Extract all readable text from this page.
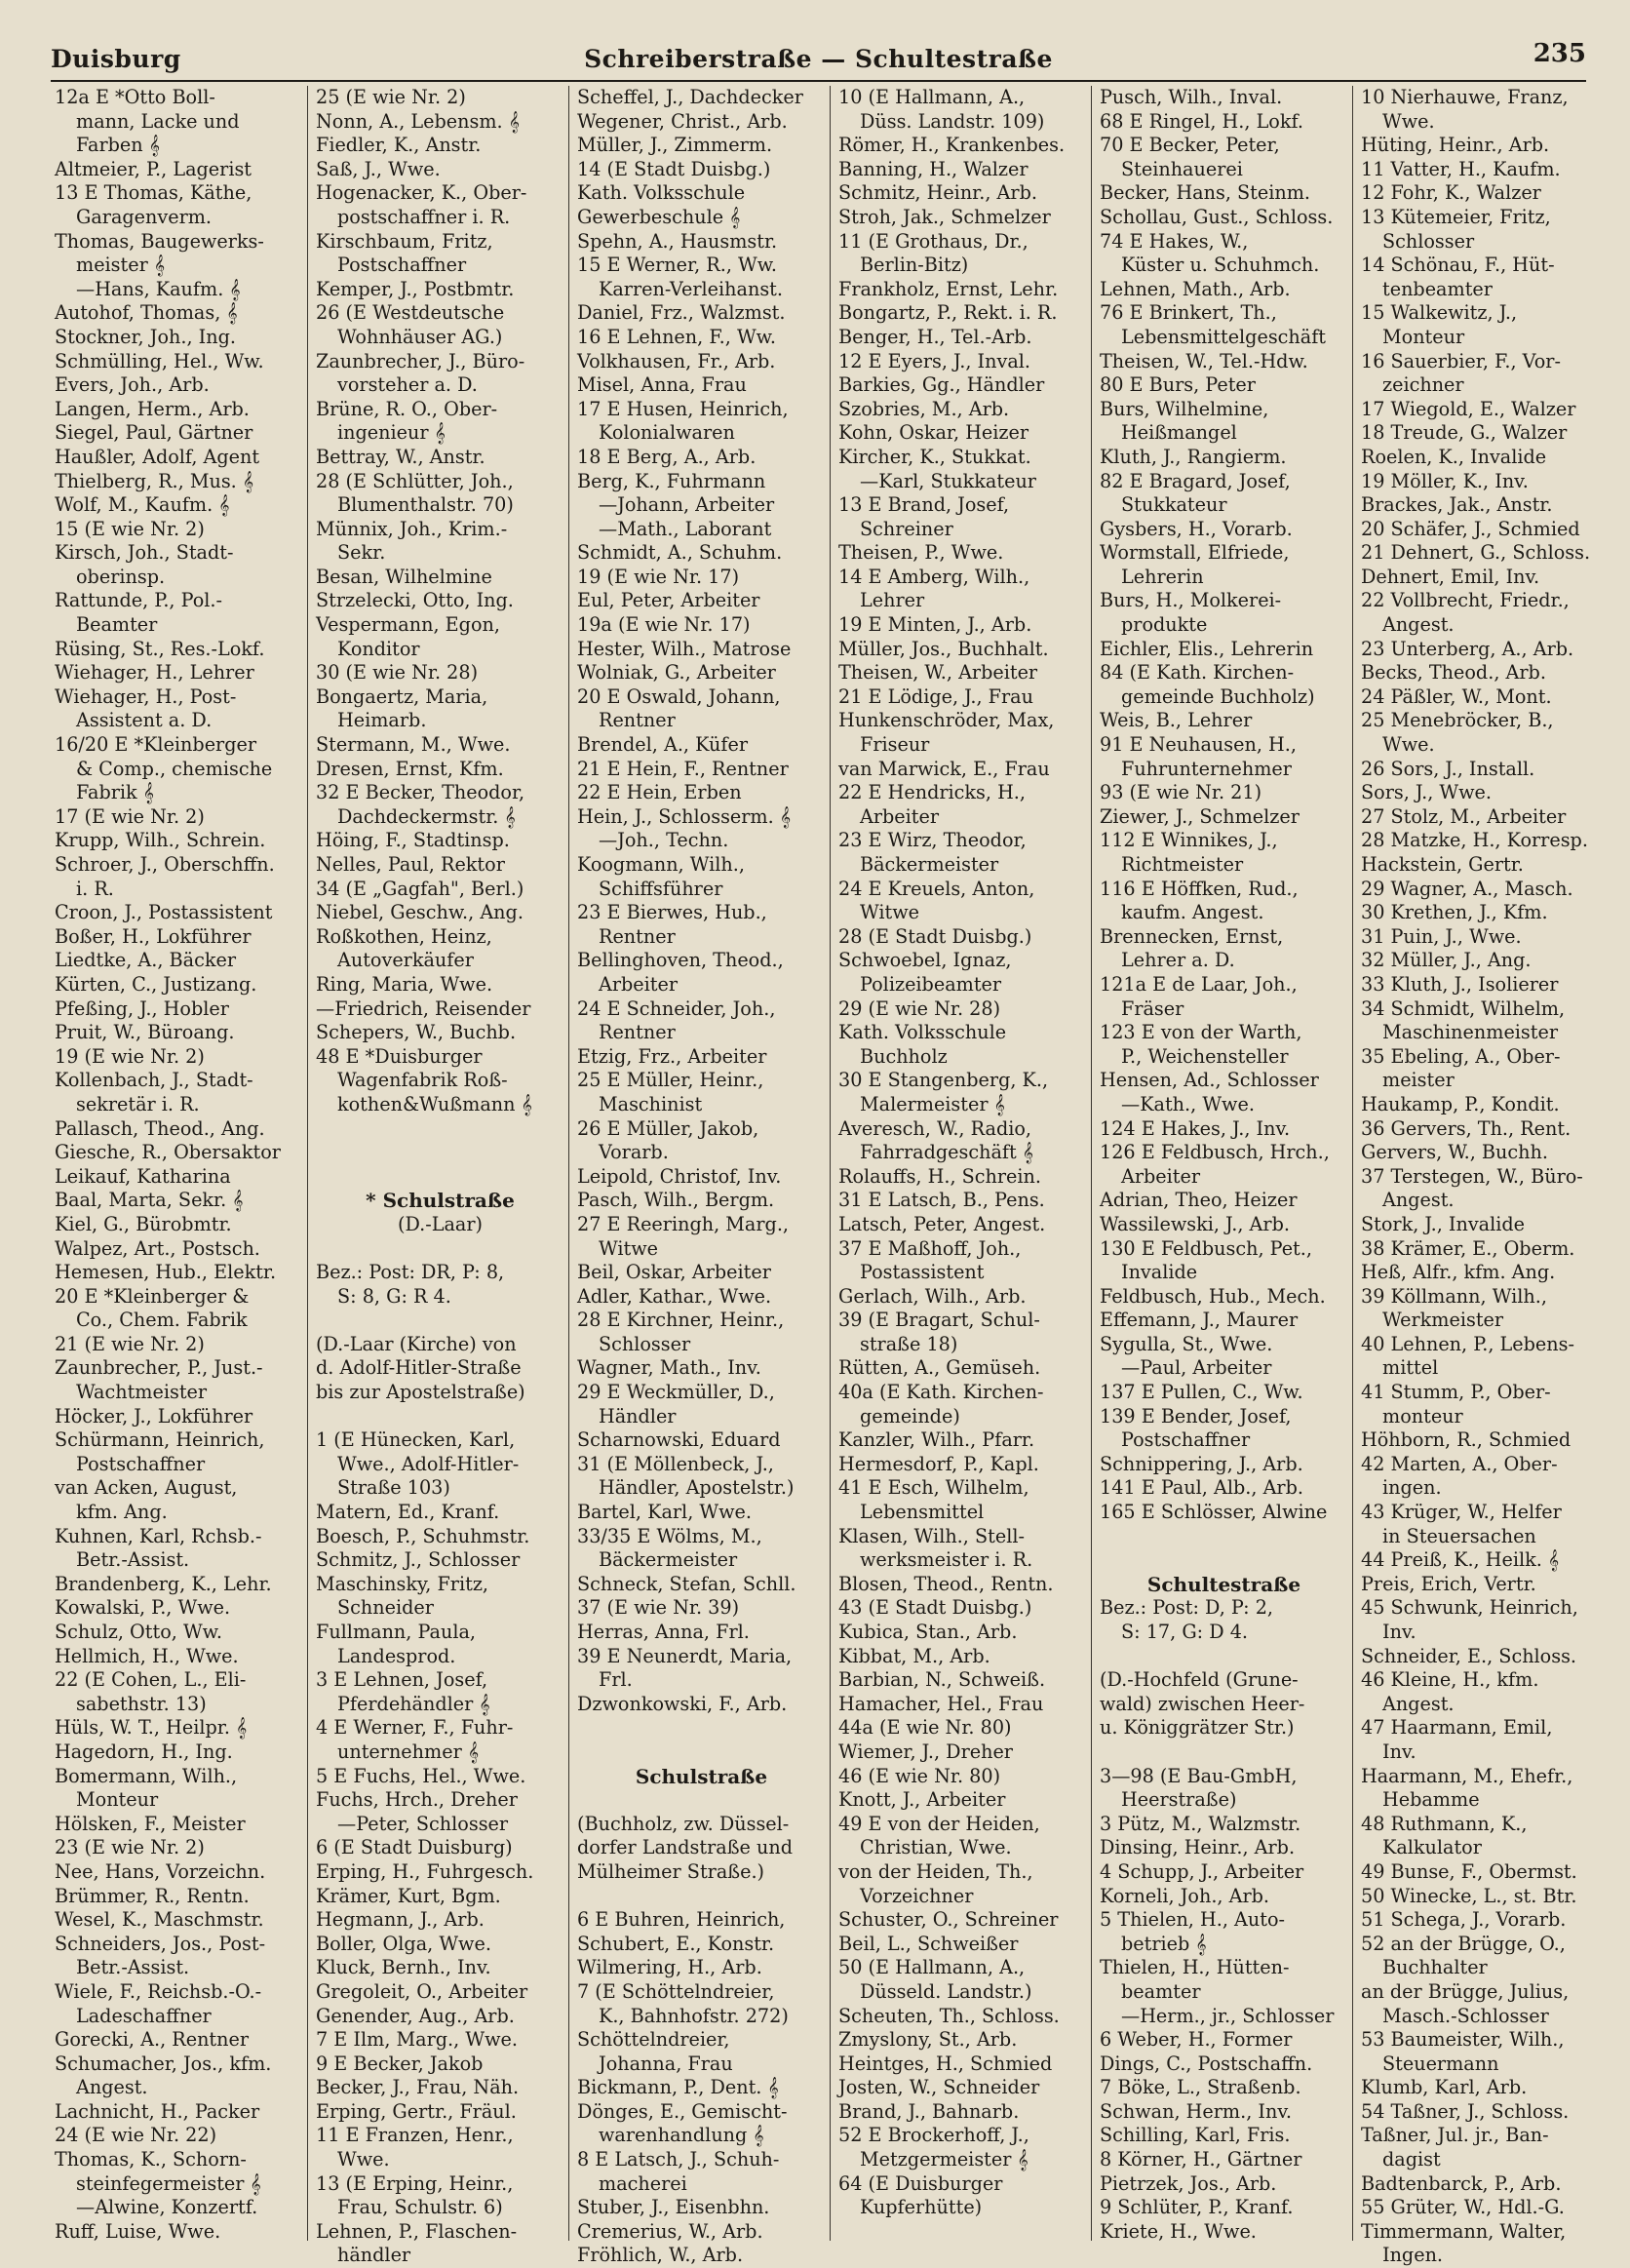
Duisburg	Schreiberstraße — Schultestraße	235
12a E *Otto Boll-
mann, Lacke und
Farben 𝄞
Altmeier, P., Lagerist
13 E Thomas, Käthe,
Garagenverm.
Thomas, Baugewerks-
meister 𝄞
—Hans, Kaufm. 𝄞
Autohof, Thomas, 𝄞
Stockner, Joh., Ing.
Schmülling, Hel., Ww.
Evers, Joh., Arb.
Langen, Herm., Arb.
Siegel, Paul, Gärtner
Haußler, Adolf, Agent
Thielberg, R., Mus. 𝄞
Wolf, M., Kaufm. 𝄞
15 (E wie Nr. 2)
Kirsch, Joh., Stadt-
oberinsp.
Rattunde, P., Pol.-
Beamter
Rüsing, St., Res.-Lokf.
Wiehager, H., Lehrer
Wiehager, H., Post-
Assistent a. D.
16/20 E *Kleinberger
& Comp., chemische
Fabrik 𝄞
17 (E wie Nr. 2)
Krupp, Wilh., Schrein.
Schroer, J., Oberschffn.
i. R.
Croon, J., Postassistent
Boßer, H., Lokführer
Liedtke, A., Bäcker
Kürten, C., Justizang.
Pfeßing, J., Hobler
Pruit, W., Büroang.
19 (E wie Nr. 2)
Kollenbach, J., Stadt-
sekretär i. R.
Pallasch, Theod., Ang.
Giesche, R., Obersaktor
Leikauf, Katharina
Baal, Marta, Sekr. 𝄞
Kiel, G., Bürobmtr.
Walpez, Art., Postsch.
Hemesen, Hub., Elektr.
20 E *Kleinberger &
Co., Chem. Fabrik
21 (E wie Nr. 2)
Zaunbrecher, P., Just.-
Wachtmeister
Höcker, J., Lokführer
Schürmann, Heinrich,
Postschaffner
van Acken, August,
kfm. Ang.
Kuhnen, Karl, Rchsb.-
Betr.-Assist.
Brandenberg, K., Lehr.
Kowalski, P., Wwe.
Schulz, Otto, Ww.
Hellmich, H., Wwe.
22 (E Cohen, L., Eli-
sabethstr. 13)
Hüls, W. T., Heilpr. 𝄞
Hagedorn, H., Ing.
Bomermann, Wilh.,
Monteur
Hölsken, F., Meister
23 (E wie Nr. 2)
Nee, Hans, Vorzeichn.
Brümmer, R., Rentn.
Wesel, K., Maschmstr.
Schneiders, Jos., Post-
Betr.-Assist.
Wiele, F., Reichsb.-O.-
Ladeschaffner
Gorecki, A., Rentner
Schumacher, Jos., kfm.
Angest.
Lachnicht, H., Packer
24 (E wie Nr. 22)
Thomas, K., Schorn-
steinfegermeister 𝄞
—Alwine, Konzertf.
Ruff, Luise, Wwe.
25 (E wie Nr. 2)
Nonn, A., Lebensm. 𝄞
Fiedler, K., Anstr.
Saß, J., Wwe.
Hogenacker, K., Ober-
postschaffner i. R.
Kirschbaum, Fritz,
Postschaffner
Kemper, J., Postbmtr.
26 (E Westdeutsche
Wohnhäuser AG.)
Zaunbrecher, J., Büro-
vorsteher a. D.
Brüne, R. O., Ober-
ingenieur 𝄞
Bettray, W., Anstr.
28 (E Schlütter, Joh.,
Blumenthalstr. 70)
Münnix, Joh., Krim.-
Sekr.
Besan, Wilhelmine
Strzelecki, Otto, Ing.
Vespermann, Egon,
Konditor
30 (E wie Nr. 28)
Bongaertz, Maria,
Heimarb.
Stermann, M., Wwe.
Dresen, Ernst, Kfm.
32 E Becker, Theodor,
Dachdeckermstr. 𝄞
Höing, F., Stadtinsp.
Nelles, Paul, Rektor
34 (E „Gagfah", Berl.)
Niebel, Geschw., Ang.
Roßkothen, Heinz,
Autoverkäufer
Ring, Maria, Wwe.
—Friedrich, Reisender
Schepers, W., Buchb.
48 E *Duisburger
Wagenfabrik Roß-
kothen&Wußmann 𝄞
* Schulstraße
(D.-Laar)
Bez.: Post: DR, P: 8,
S: 8, G: R 4.
(D.-Laar (Kirche) von
d. Adolf-Hitler-Straße
bis zur Apostelstraße)
1 (E Hünecken, Karl,
Wwe., Adolf-Hitler-
Straße 103)
Matern, Ed., Kranf.
Boesch, P., Schuhmstr.
Schmitz, J., Schlosser
Maschinsky, Fritz,
Schneider
Fullmann, Paula,
Landesprod.
3 E Lehnen, Josef,
Pferdehändler 𝄞
4 E Werner, F., Fuhr-
unternehmer 𝄞
5 E Fuchs, Hel., Wwe.
Fuchs, Hrch., Dreher
—Peter, Schlosser
6 (E Stadt Duisburg)
Erping, H., Fuhrgesch.
Krämer, Kurt, Bgm.
Hegmann, J., Arb.
Boller, Olga, Wwe.
Kluck, Bernh., Inv.
Gregoleit, O., Arbeiter
Genender, Aug., Arb.
7 E Ilm, Marg., Wwe.
9 E Becker, Jakob
Becker, J., Frau, Näh.
Erping, Gertr., Fräul.
11 E Franzen, Henr.,
Wwe.
13 (E Erping, Heinr.,
Frau, Schulstr. 6)
Lehnen, P., Flaschen-
händler
Scheffel, J., Dachdecker
Wegener, Christ., Arb.
Müller, J., Zimmerm.
14 (E Stadt Duisbg.)
Kath. Volksschule
Gewerbeschule 𝄞
Spehn, A., Hausmstr.
15 E Werner, R., Ww.
Karren-Verleihanst.
Daniel, Frz., Walzmst.
16 E Lehnen, F., Ww.
Volkhausen, Fr., Arb.
Misel, Anna, Frau
17 E Husen, Heinrich,
Kolonialwaren
18 E Berg, A., Arb.
Berg, K., Fuhrmann
—Johann, Arbeiter
—Math., Laborant
Schmidt, A., Schuhm.
19 (E wie Nr. 17)
Eul, Peter, Arbeiter
19a (E wie Nr. 17)
Hester, Wilh., Matrose
Wolniak, G., Arbeiter
20 E Oswald, Johann,
Rentner
Brendel, A., Küfer
21 E Hein, F., Rentner
22 E Hein, Erben
Hein, J., Schlosserm. 𝄞
—Joh., Techn.
Koogmann, Wilh.,
Schiffsführer
23 E Bierwes, Hub.,
Rentner
Bellinghoven, Theod.,
Arbeiter
24 E Schneider, Joh.,
Rentner
Etzig, Frz., Arbeiter
25 E Müller, Heinr.,
Maschinist
26 E Müller, Jakob,
Vorarb.
Leipold, Christof, Inv.
Pasch, Wilh., Bergm.
27 E Reeringh, Marg.,
Witwe
Beil, Oskar, Arbeiter
Adler, Kathar., Wwe.
28 E Kirchner, Heinr.,
Schlosser
Wagner, Math., Inv.
29 E Weckmüller, D.,
Händler
Scharnowski, Eduard
31 (E Möllenbeck, J.,
Händler, Apostelstr.)
Bartel, Karl, Wwe.
33/35 E Wölms, M.,
Bäckermeister
Schneck, Stefan, Schll.
37 (E wie Nr. 39)
Herras, Anna, Frl.
39 E Neunerdt, Maria,
Frl.
Dzwonkowski, F., Arb.
Schulstraße
(Buchholz, zw. Düssel-
dorfer Landstraße und
Mülheimer Straße.)
6 E Buhren, Heinrich,
Schubert, E., Konstr.
Wilmering, H., Arb.
7 (E Schöttelndreier,
K., Bahnhofstr. 272)
Schöttelndreier,
Johanna, Frau
Bickmann, P., Dent. 𝄞
Dönges, E., Gemischt-
warenhandlung 𝄞
8 E Latsch, J., Schuh-
macherei
Stuber, J., Eisenbhn.
Cremerius, W., Arb.
Fröhlich, W., Arb.
10 (E Hallmann, A.,
Düss. Landstr. 109)
Römer, H., Krankenbes.
Banning, H., Walzer
Schmitz, Heinr., Arb.
Stroh, Jak., Schmelzer
11 (E Grothaus, Dr.,
Berlin-Bitz)
Frankholz, Ernst, Lehr.
Bongartz, P., Rekt. i. R.
Benger, H., Tel.-Arb.
12 E Eyers, J., Inval.
Barkies, Gg., Händler
Szobries, M., Arb.
Kohn, Oskar, Heizer
Kircher, K., Stukkat.
—Karl, Stukkateur
13 E Brand, Josef,
Schreiner
Theisen, P., Wwe.
14 E Amberg, Wilh.,
Lehrer
19 E Minten, J., Arb.
Müller, Jos., Buchhalt.
Theisen, W., Arbeiter
21 E Lödige, J., Frau
Hunkenschröder, Max,
Friseur
van Marwick, E., Frau
22 E Hendricks, H.,
Arbeiter
23 E Wirz, Theodor,
Bäckermeister
24 E Kreuels, Anton,
Witwe
28 (E Stadt Duisbg.)
Schwoebel, Ignaz,
Polizeibeamter
29 (E wie Nr. 28)
Kath. Volksschule
Buchholz
30 E Stangenberg, K.,
Malermeister 𝄞
Averesch, W., Radio,
Fahrradgeschäft 𝄞
Rolauffs, H., Schrein.
31 E Latsch, B., Pens.
Latsch, Peter, Angest.
37 E Maßhoff, Joh.,
Postassistent
Gerlach, Wilh., Arb.
39 (E Bragart, Schul-
straße 18)
Rütten, A., Gemüseh.
40a (E Kath. Kirchen-
gemeinde)
Kanzler, Wilh., Pfarr.
Hermesdorf, P., Kapl.
41 E Esch, Wilhelm,
Lebensmittel
Klasen, Wilh., Stell-
werksmeister i. R.
Blosen, Theod., Rentn.
43 (E Stadt Duisbg.)
Kubica, Stan., Arb.
Kibbat, M., Arb.
Barbian, N., Schweiß.
Hamacher, Hel., Frau
44a (E wie Nr. 80)
Wiemer, J., Dreher
46 (E wie Nr. 80)
Knott, J., Arbeiter
49 E von der Heiden,
Christian, Wwe.
von der Heiden, Th.,
Vorzeichner
Schuster, O., Schreiner
Beil, L., Schweißer
50 (E Hallmann, A.,
Düsseld. Landstr.)
Scheuten, Th., Schloss.
Zmyslony, St., Arb.
Heintges, H., Schmied
Josten, W., Schneider
Brand, J., Bahnarb.
52 E Brockerhoff, J.,
Metzgermeister 𝄞
64 (E Duisburger
Kupferhütte)
Pusch, Wilh., Inval.
68 E Ringel, H., Lokf.
70 E Becker, Peter,
Steinhauerei
Becker, Hans, Steinm.
Schollau, Gust., Schloss.
74 E Hakes, W.,
Küster u. Schuhmch.
Lehnen, Math., Arb.
76 E Brinkert, Th.,
Lebensmittelgeschäft
Theisen, W., Tel.-Hdw.
80 E Burs, Peter
Burs, Wilhelmine,
Heißmangel
Kluth, J., Rangierm.
82 E Bragard, Josef,
Stukkateur
Gysbers, H., Vorarb.
Wormstall, Elfriede,
Lehrerin
Burs, H., Molkerei-
produkte
Eichler, Elis., Lehrerin
84 (E Kath. Kirchen-
gemeinde Buchholz)
Weis, B., Lehrer
91 E Neuhausen, H.,
Fuhrunternehmer
93 (E wie Nr. 21)
Ziewer, J., Schmelzer
112 E Winnikes, J.,
Richtmeister
116 E Höffken, Rud.,
kaufm. Angest.
Brennecken, Ernst,
Lehrer a. D.
121a E de Laar, Joh.,
Fräser
123 E von der Warth,
P., Weichensteller
Hensen, Ad., Schlosser
—Kath., Wwe.
124 E Hakes, J., Inv.
126 E Feldbusch, Hrch.,
Arbeiter
Adrian, Theo, Heizer
Wassilewski, J., Arb.
130 E Feldbusch, Pet.,
Invalide
Feldbusch, Hub., Mech.
Effemann, J., Maurer
Sygulla, St., Wwe.
—Paul, Arbeiter
137 E Pullen, C., Ww.
139 E Bender, Josef,
Postschaffner
Schnippering, J., Arb.
141 E Paul, Alb., Arb.
165 E Schlösser, Alwine
Schultestraße
Bez.: Post: D, P: 2,
S: 17, G: D 4.
(D.-Hochfeld (Grune-
wald) zwischen Heer-
u. Königgrätzer Str.)
3—98 (E Bau-GmbH,
Heerstraße)
3 Pütz, M., Walzmstr.
Dinsing, Heinr., Arb.
4 Schupp, J., Arbeiter
Korneli, Joh., Arb.
5 Thielen, H., Auto-
betrieb 𝄞
Thielen, H., Hütten-
beamter
—Herm., jr., Schlosser
6 Weber, H., Former
Dings, C., Postschaffn.
7 Böke, L., Straßenb.
Schwan, Herm., Inv.
Schilling, Karl, Fris.
8 Körner, H., Gärtner
Pietrzek, Jos., Arb.
9 Schlüter, P., Kranf.
Kriete, H., Wwe.
10 Nierhauwe, Franz,
Wwe.
Hüting, Heinr., Arb.
11 Vatter, H., Kaufm.
12 Fohr, K., Walzer
13 Kütemeier, Fritz,
Schlosser
14 Schönau, F., Hüt-
tenbeamter
15 Walkewitz, J.,
Monteur
16 Sauerbier, F., Vor-
zeichner
17 Wiegold, E., Walzer
18 Treude, G., Walzer
Roelen, K., Invalide
19 Möller, K., Inv.
Brackes, Jak., Anstr.
20 Schäfer, J., Schmied
21 Dehnert, G., Schloss.
Dehnert, Emil, Inv.
22 Vollbrecht, Friedr.,
Angest.
23 Unterberg, A., Arb.
Becks, Theod., Arb.
24 Päßler, W., Mont.
25 Menebröcker, B.,
Wwe.
26 Sors, J., Install.
Sors, J., Wwe.
27 Stolz, M., Arbeiter
28 Matzke, H., Korresp.
Hackstein, Gertr.
29 Wagner, A., Masch.
30 Krethen, J., Kfm.
31 Puin, J., Wwe.
32 Müller, J., Ang.
33 Kluth, J., Isolierer
34 Schmidt, Wilhelm,
Maschinenmeister
35 Ebeling, A., Ober-
meister
Haukamp, P., Kondit.
36 Gervers, Th., Rent.
Gervers, W., Buchh.
37 Terstegen, W., Büro-
Angest.
Stork, J., Invalide
38 Krämer, E., Oberm.
Heß, Alfr., kfm. Ang.
39 Köllmann, Wilh.,
Werkmeister
40 Lehnen, P., Lebens-
mittel
41 Stumm, P., Ober-
monteur
Höhborn, R., Schmied
42 Marten, A., Ober-
ingen.
43 Krüger, W., Helfer
in Steuersachen
44 Preiß, K., Heilk. 𝄞
Preis, Erich, Vertr.
45 Schwunk, Heinrich,
Inv.
Schneider, E., Schloss.
46 Kleine, H., kfm.
Angest.
47 Haarmann, Emil,
Inv.
Haarmann, M., Ehefr.,
Hebamme
48 Ruthmann, K.,
Kalkulator
49 Bunse, F., Obermst.
50 Winecke, L., st. Btr.
51 Schega, J., Vorarb.
52 an der Brügge, O.,
Buchhalter
an der Brügge, Julius,
Masch.-Schlosser
53 Baumeister, Wilh.,
Steuermann
Klumb, Karl, Arb.
54 Taßner, J., Schloss.
Taßner, Jul. jr., Ban-
dagist
Badtenbarck, P., Arb.
55 Grüter, W., Hdl.-G.
Timmermann, Walter,
Ingen.
